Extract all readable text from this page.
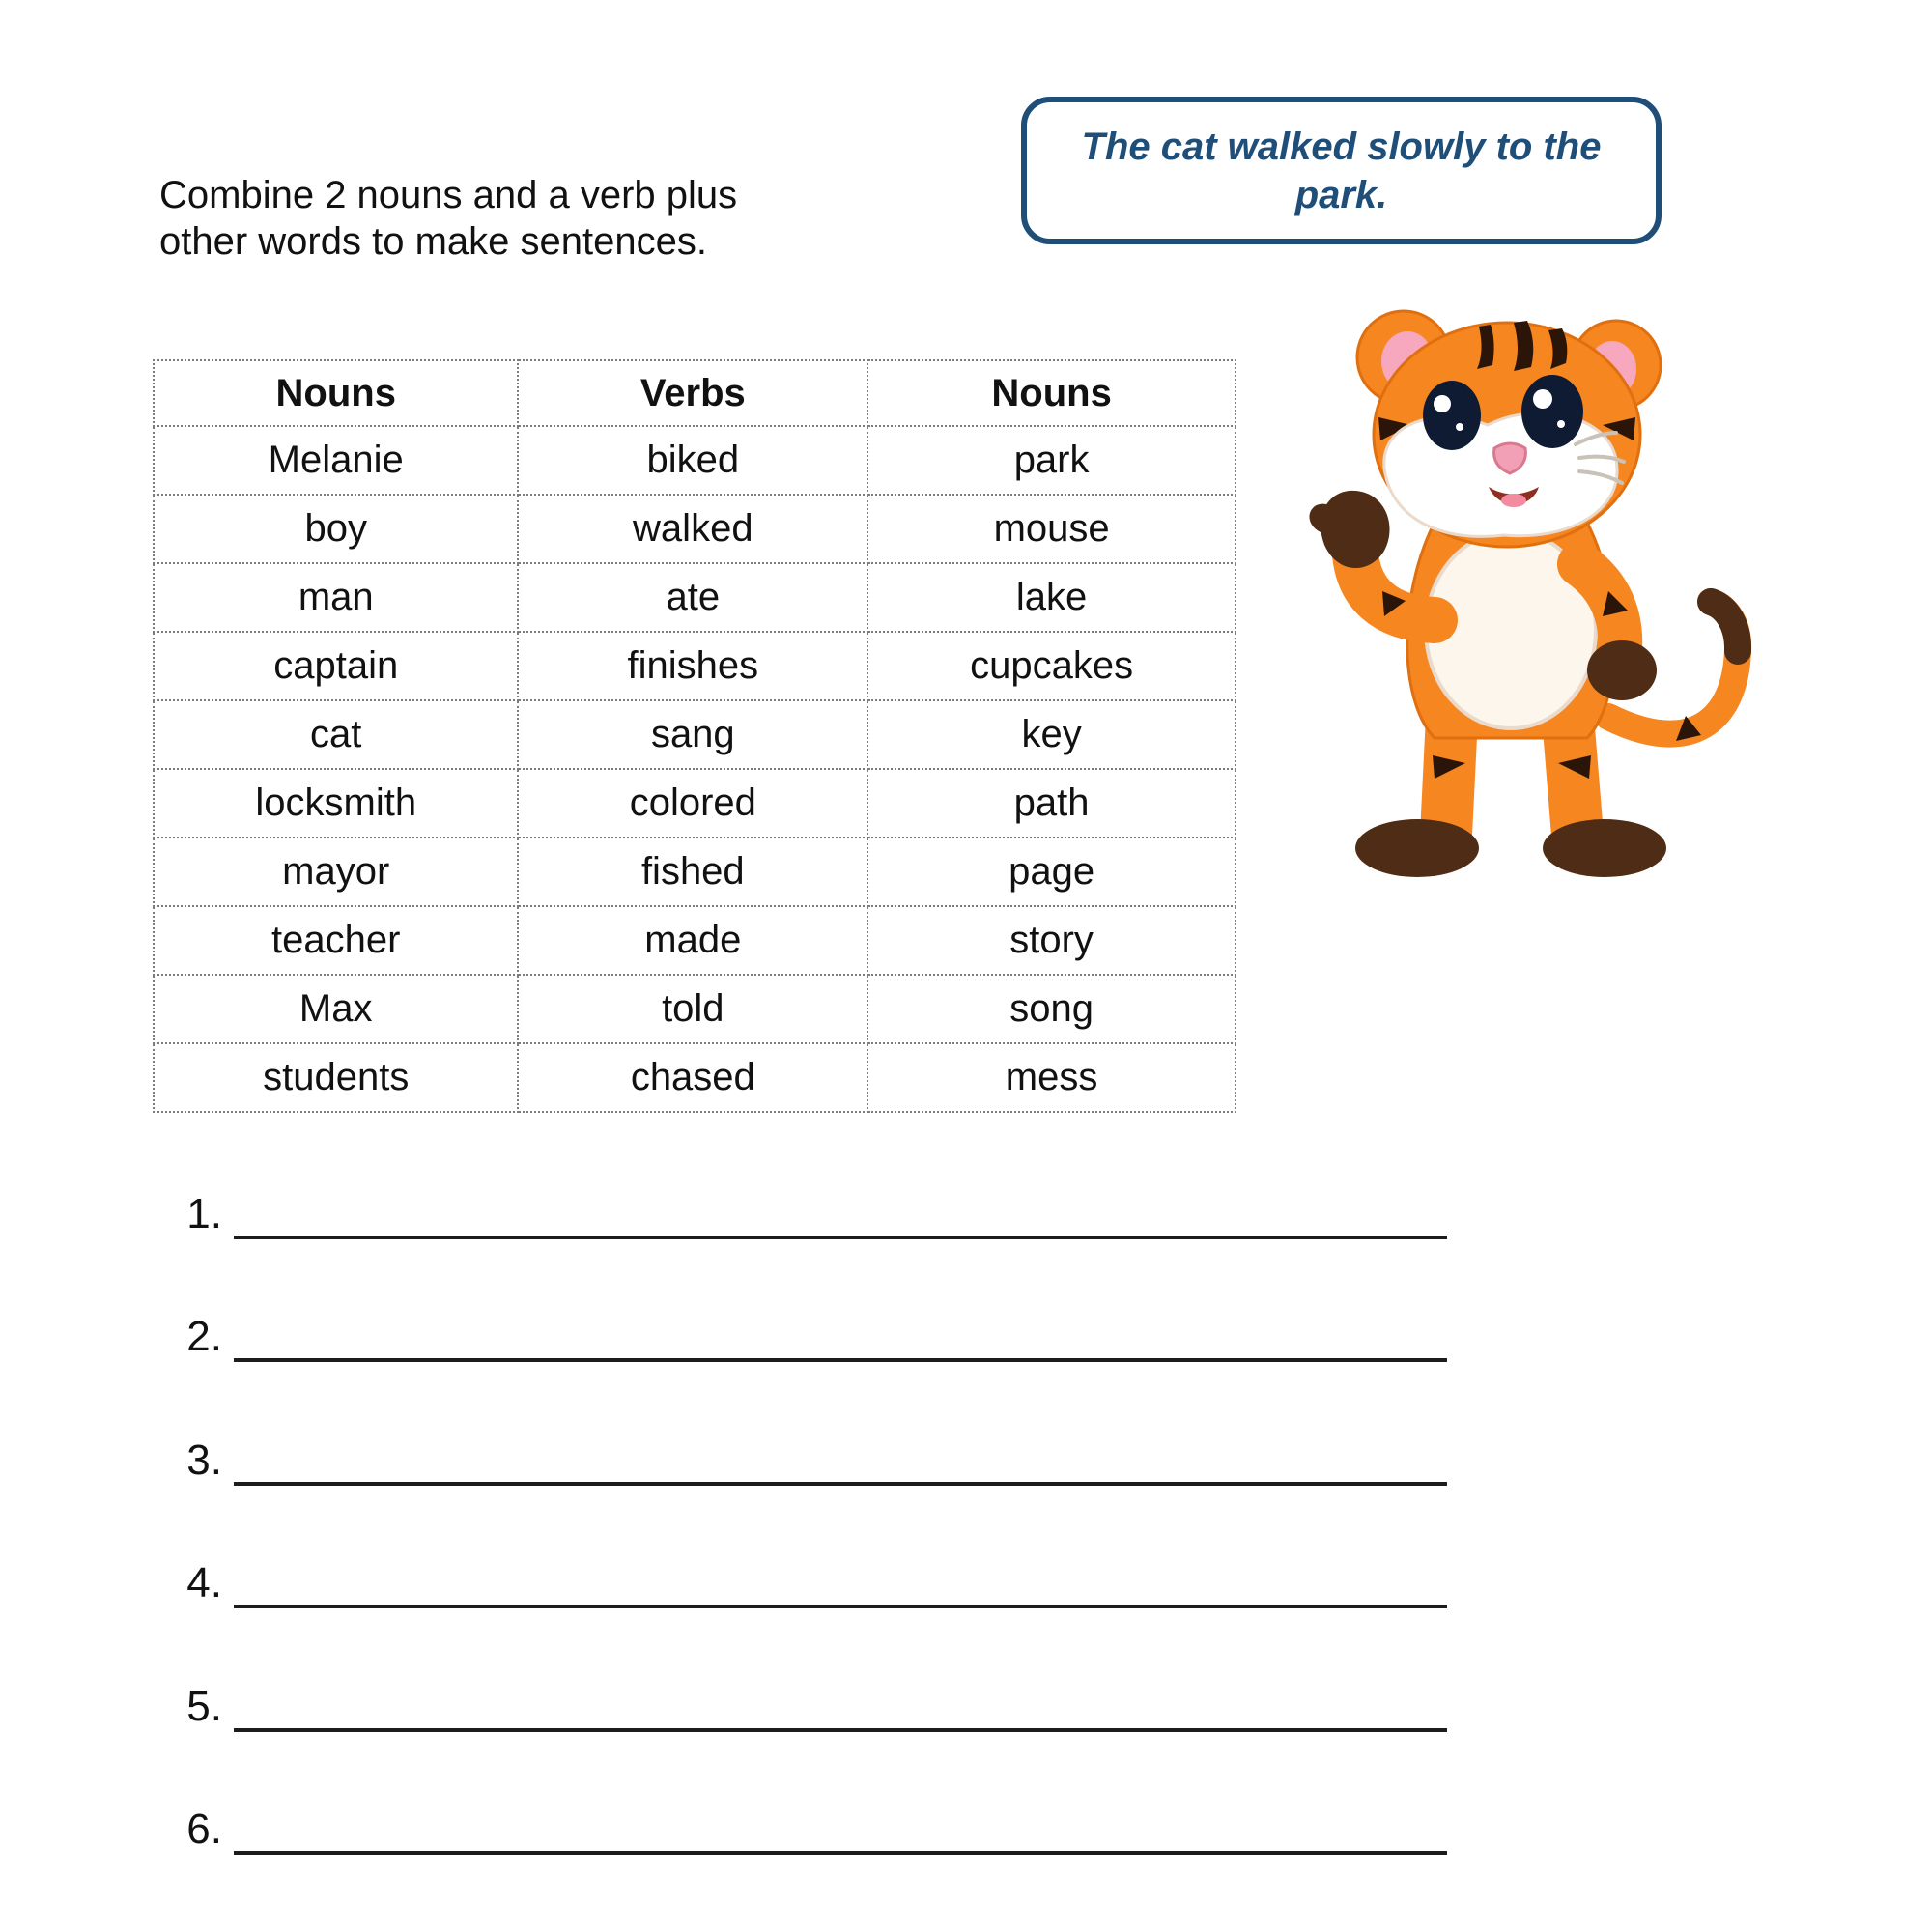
The cat walked slowly to the park.
Combine 2 nouns and a verb plus other words to make sentences.
Nouns	Verbs	Nouns
Melanie	biked	park
boy	walked	mouse
man	ate	lake
captain	finishes	cupcakes
cat	sang	key
locksmith	colored	path
mayor	fished	page
teacher	made	story
Max	told	song
students	chased	mess
1.
2.
3.
4.
5.
6.
